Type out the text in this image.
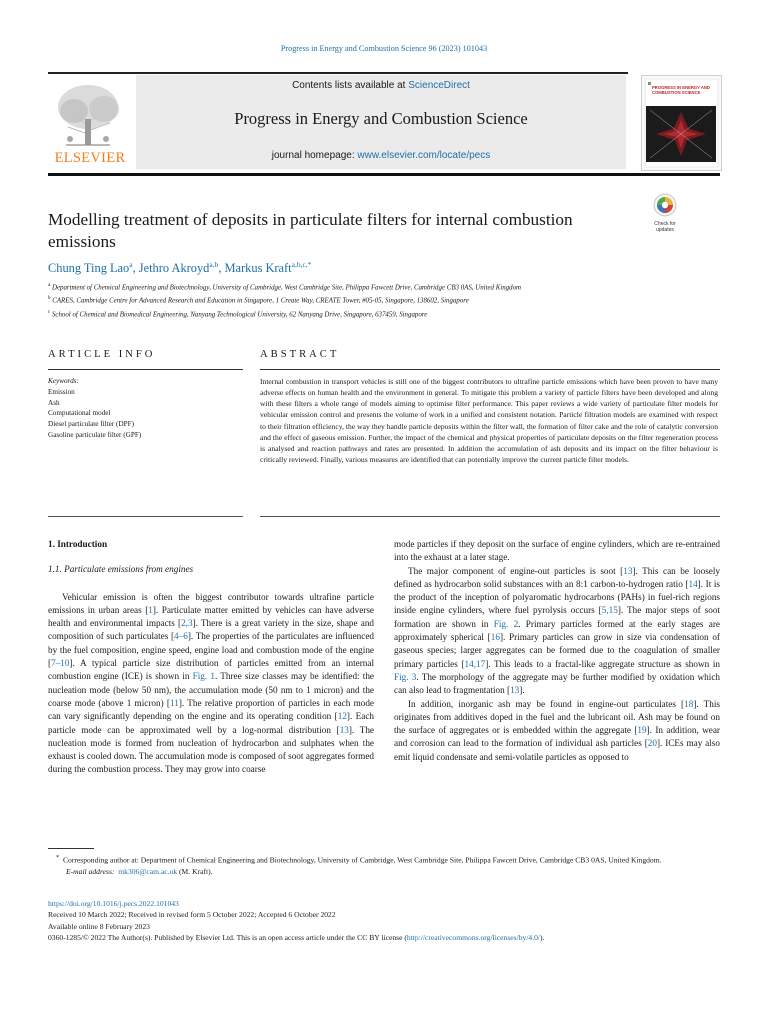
Progress in Energy and Combustion Science 96 (2023) 101043
ELSEVIER
Contents lists available at ScienceDirect
Progress in Energy and Combustion Science
journal homepage: www.elsevier.com/locate/pecs
PROGRESS IN ENERGY AND COMBUSTION SCIENCE
Modelling treatment of deposits in particulate filters for internal combustion emissions
Check for updates
Chung Ting Lao$^a$, Jethro Akroyd$^{a,b}$, Markus Kraft$^{a,b,c,*}$
$^a$ Department of Chemical Engineering and Biotechnology, University of Cambridge, West Cambridge Site, Philippa Fawcett Drive, Cambridge CB3 0AS, United Kingdom
$^b$ CARES, Cambridge Centre for Advanced Research and Education in Singapore, 1 Create Way, CREATE Tower, #05-05, Singapore, 138602, Singapore
$^c$ School of Chemical and Biomedical Engineering, Nanyang Technological University, 62 Nanyang Drive, Singapore, 637459, Singapore
ARTICLE INFO	ABSTRACT
Keywords:
Emission
Ash
Computational model
Diesel particulate filter (DPF)
Gasoline particulate filter (GPF)
Internal combustion in transport vehicles is still one of the biggest contributors to ultrafine particle emissions which have been proven to have many adverse effects on human health and the environment in general. To mitigate this problem a variety of particle filters have been developed and along with these filters a whole range of models aiming to optimise filter performance. This paper reviews a wide variety of particulate filter models for vehicular emission control and presents the volume of work in a unified and consistent notation. Particle filtration models are examined with respect to their filtration efficiency, the way they handle particle deposits within the filter wall, the formation of filter cake and the role of catalytic conversion and the effect of gaseous emission. Further, the impact of the chemical and physical properties of particulate deposits on the filter regeneration process is analysed and reaction pathways and rates are presented. In addition the accumulation of ash deposits and its impact on the filter behaviour is critically reviewed. Finally, various measures are identified that can potentially improve the current particle filter models.
1. Introduction
1.1. Particulate emissions from engines

Vehicular emission is often the biggest contributor towards ultrafine particle emissions in urban areas [1]. Particulate matter emitted by vehicles can have adverse health and environmental impacts [2,3]. There is a great variety in the size, shape and composition of such particulates [4–6]. The properties of the particulates are influenced by the fuel composition, engine speed, engine load and combustion mode of the engine [7–10]. A typical particle size distribution of particles emitted from an internal combustion engine (ICE) is shown in Fig. 1. Three size classes may be identified: the nucleation mode (below 50 nm), the accumulation mode (50 nm to 1 micron) and the coarse mode (above 1 micron) [11]. The relative proportion of particles in each mode can vary significantly depending on the engine and its operating condition [12]. Each particle mode can be approximated well by a log-normal distribution [13]. The nucleation mode is formed from nucleation of hydrocarbon and sulphates when the exhaust is cooled down. The accumulation mode is composed of soot aggregates formed during the combustion process. They may grow into coarse

mode particles if they deposit on the surface of engine cylinders, which are re-entrained into the exhaust at a later stage.

The major component of engine-out particles is soot [13]. This can be loosely defined as hydrocarbon solid substances with an 8:1 carbon-to-hydrogen ratio [14]. It is the product of the inception of polyaromatic hydrocarbons (PAHs) in fuel-rich regions inside engine cylinders, where fuel pyrolysis occurs [5,15]. The major steps of soot formation are shown in Fig. 2. Primary particles formed at the early stages are approximately spherical [16]. Primary particles can grow in size via condensation of gaseous species; larger aggregates can be formed due to the coagulation of smaller primary particles [14,17]. This leads to a fractal-like aggregate structure as shown in Fig. 3. The morphology of the aggregate may be further modified by oxidation which can also lead to fragmentation [13].

In addition, inorganic ash may be found in engine-out particulates [18]. This originates from additives doped in the fuel and the lubricant oil. Ash may be found on the surface of aggregates or is embedded within the aggregate [19]. In addition, wear and corrosion can lead to the formation of individual ash particles [20]. ICEs may also emit liquid condensate and semi-volatile particles as opposed to

* Corresponding author at: Department of Chemical Engineering and Biotechnology, University of Cambridge, West Cambridge Site, Philippa Fawcett Drive, Cambridge CB3 0AS, United Kingdom.
E-mail address: mk306@cam.ac.uk (M. Kraft).
https://doi.org/10.1016/j.pecs.2022.101043
Received 10 March 2022; Received in revised form 5 October 2022; Accepted 6 October 2022
Available online 8 February 2023
0360-1285/© 2022 The Author(s). Published by Elsevier Ltd. This is an open access article under the CC BY license (http://creativecommons.org/licenses/by/4.0/).
